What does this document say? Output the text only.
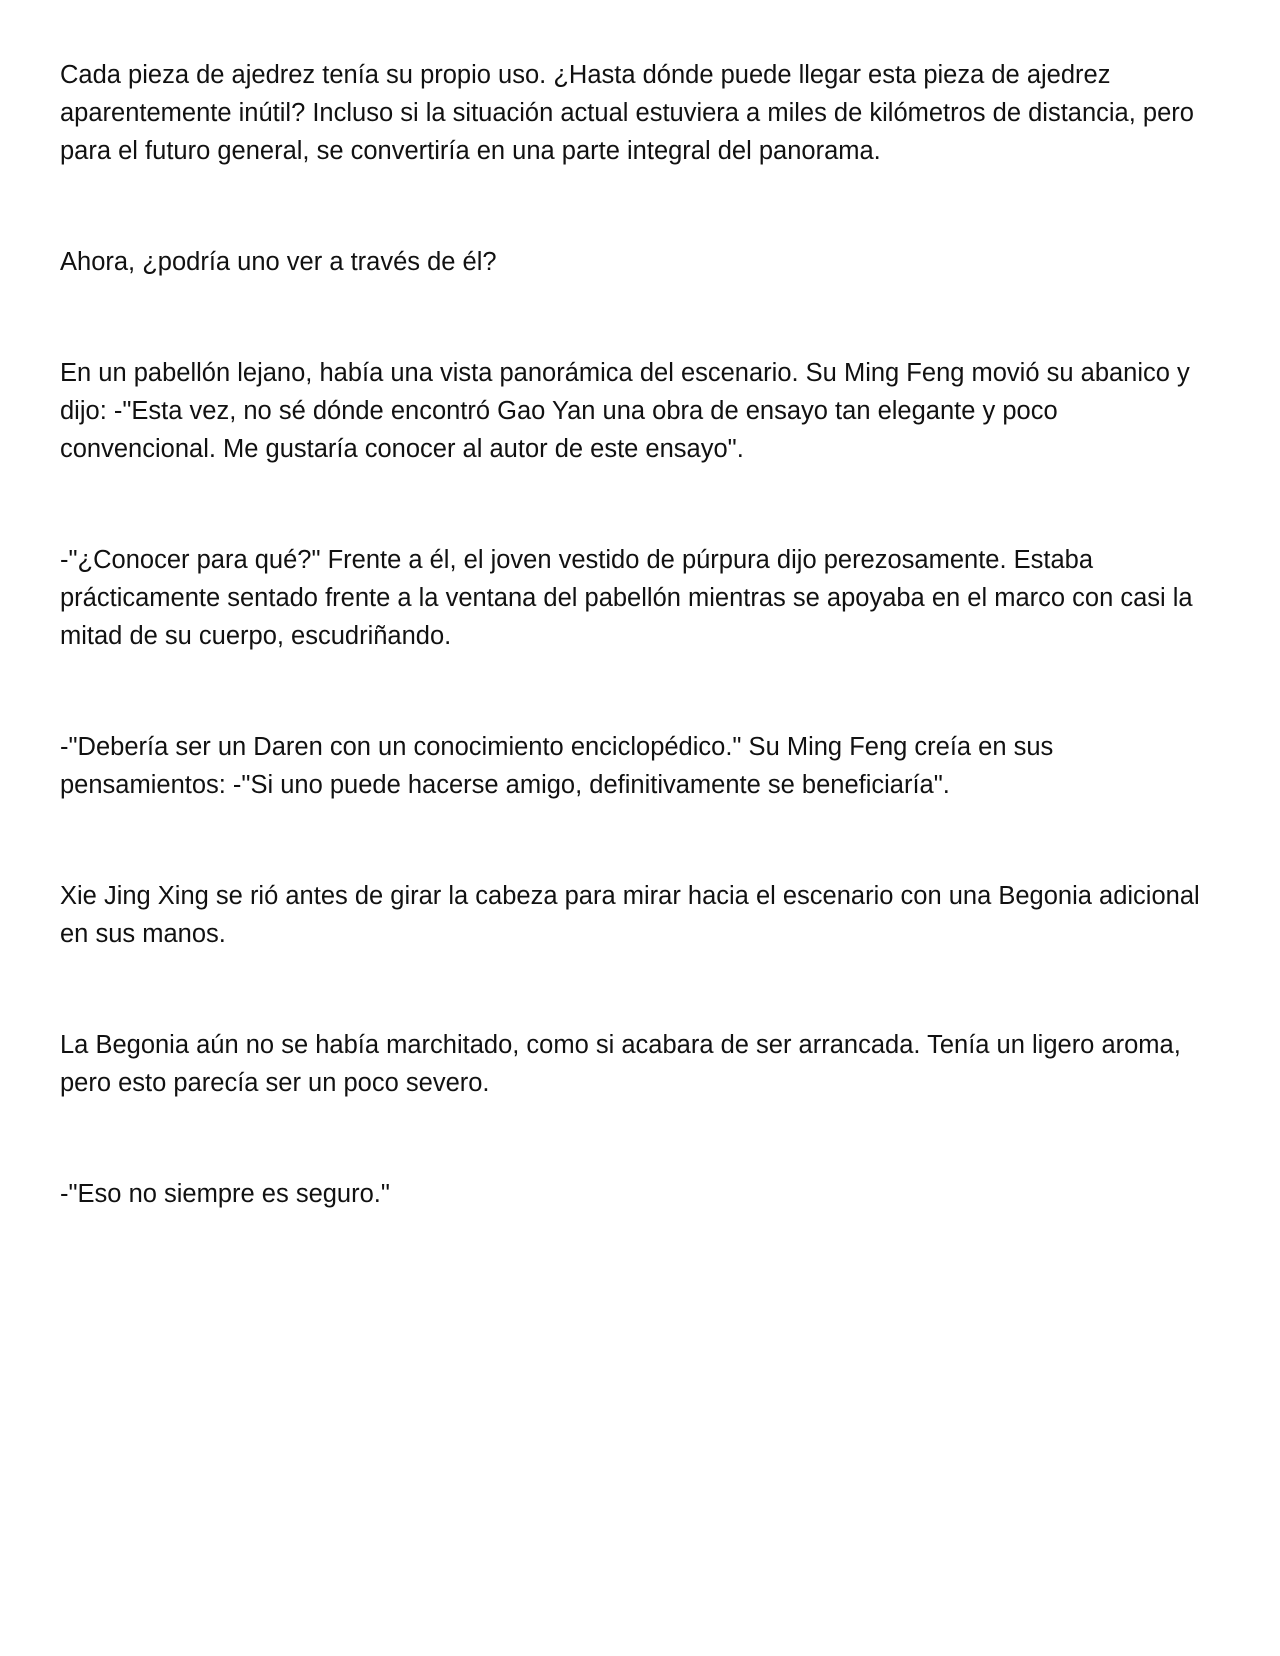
Cada pieza de ajedrez tenía su propio uso. ¿Hasta dónde puede llegar esta pieza de ajedrez aparentemente inútil? Incluso si la situación actual estuviera a miles de kilómetros de distancia, pero para el futuro general, se convertiría en una parte integral del panorama.

Ahora, ¿podría uno ver a través de él?

En un pabellón lejano, había una vista panorámica del escenario. Su Ming Feng movió su abanico y dijo: -"Esta vez, no sé dónde encontró Gao Yan una obra de ensayo tan elegante y poco convencional. Me gustaría conocer al autor de este ensayo".

-"¿Conocer para qué?" Frente a él, el joven vestido de púrpura dijo perezosamente. Estaba prácticamente sentado frente a la ventana del pabellón mientras se apoyaba en el marco con casi la mitad de su cuerpo, escudriñando.

-"Debería ser un Daren con un conocimiento enciclopédico." Su Ming Feng creía en sus pensamientos: -"Si uno puede hacerse amigo, definitivamente se beneficiaría".

Xie Jing Xing se rió antes de girar la cabeza para mirar hacia el escenario con una Begonia adicional en sus manos.

La Begonia aún no se había marchitado, como si acabara de ser arrancada. Tenía un ligero aroma, pero esto parecía ser un poco severo.

-"Eso no siempre es seguro."
